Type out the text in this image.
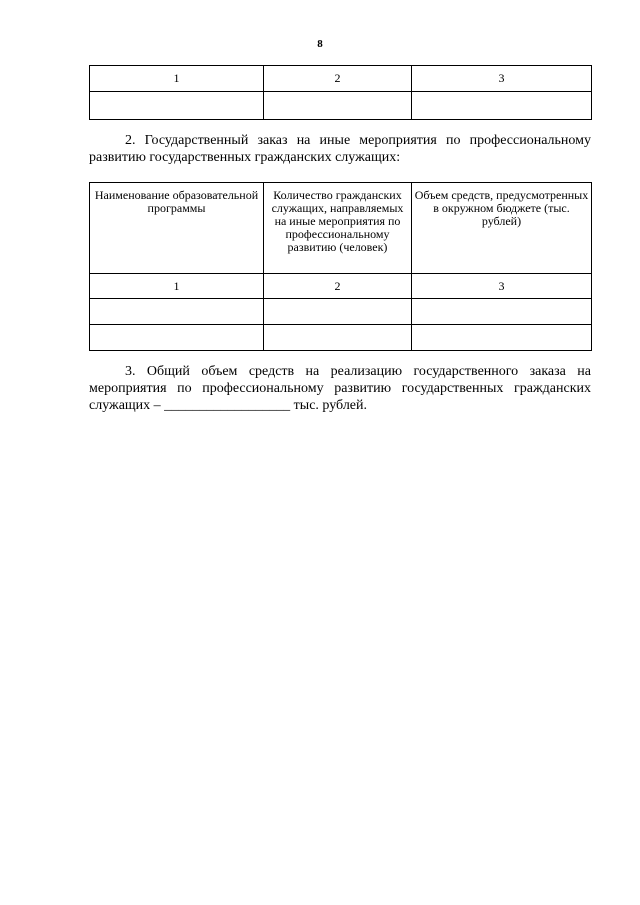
8
1	2	3

2. Государственный заказ на иные мероприятия по профессиональному развитию государственных гражданских служащих:
Наименование образовательной программы	Количество гражданских служащих, направляемых на иные мероприятия по профессиональному развитию (человек)	Объем средств, предусмотренных в окружном бюджете (тыс. рублей)
1	2	3

3. Общий объем средств на реализацию государственного заказа на мероприятия по профессиональному развитию государственных гражданских служащих – __________________ тыс. рублей.
